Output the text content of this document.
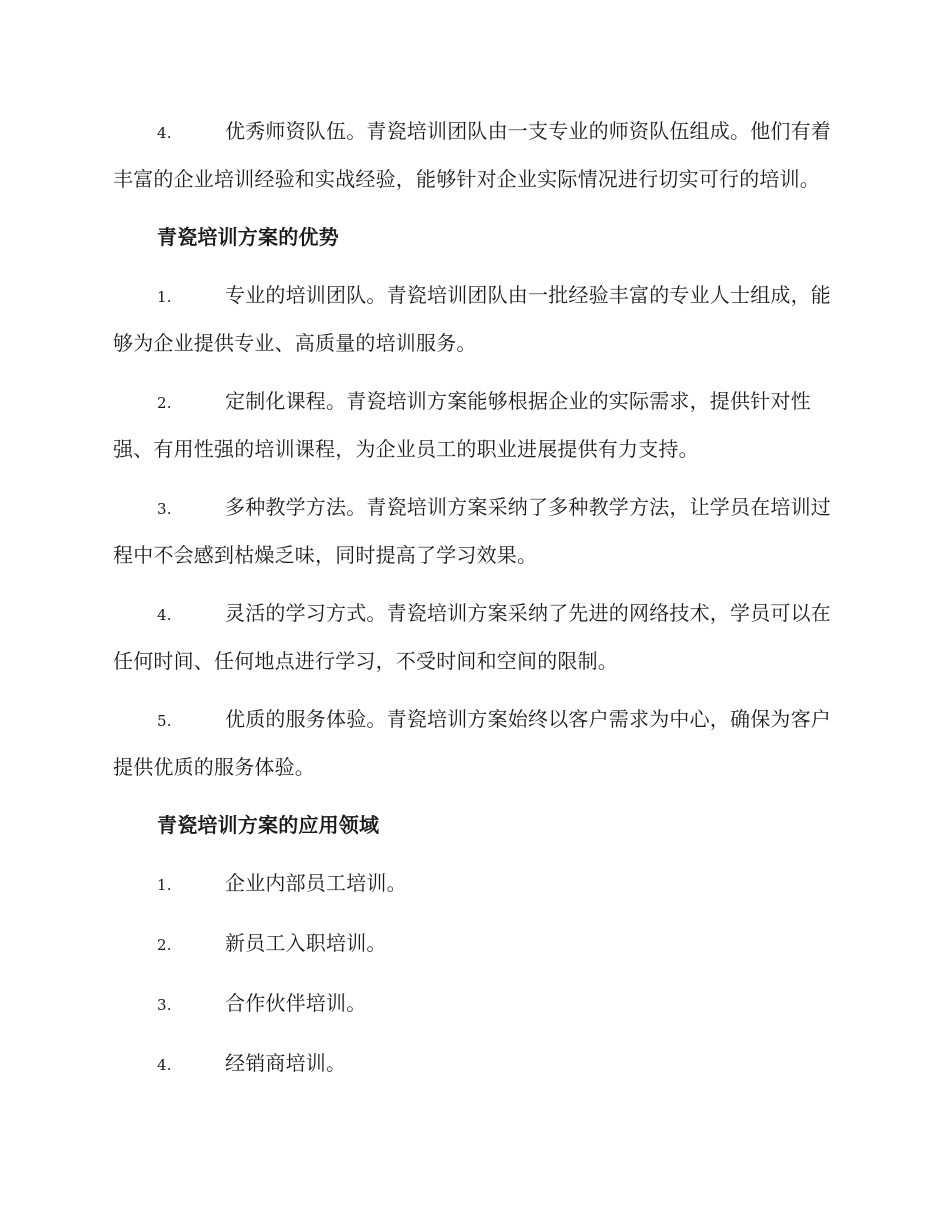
4.	优秀师资队伍。青瓷培训团队由一支专业的师资队伍组成。他们有着丰富的企业培训经验和实战经验，能够针对企业实际情况进行切实可行的培训。

青瓷培训方案的优势

1.	专业的培训团队。青瓷培训团队由一批经验丰富的专业人士组成，能够为企业提供专业、高质量的培训服务。

2.	定制化课程。青瓷培训方案能够根据企业的实际需求，提供针对性强、有用性强的培训课程，为企业员工的职业进展提供有力支持。

3.	多种教学方法。青瓷培训方案采纳了多种教学方法，让学员在培训过程中不会感到枯燥乏味，同时提高了学习效果。

4.	灵活的学习方式。青瓷培训方案采纳了先进的网络技术，学员可以在任何时间、任何地点进行学习，不受时间和空间的限制。

5.	优质的服务体验。青瓷培训方案始终以客户需求为中心，确保为客户提供优质的服务体验。

青瓷培训方案的应用领域

1.	企业内部员工培训。

2.	新员工入职培训。

3.	合作伙伴培训。

4.	经销商培训。
